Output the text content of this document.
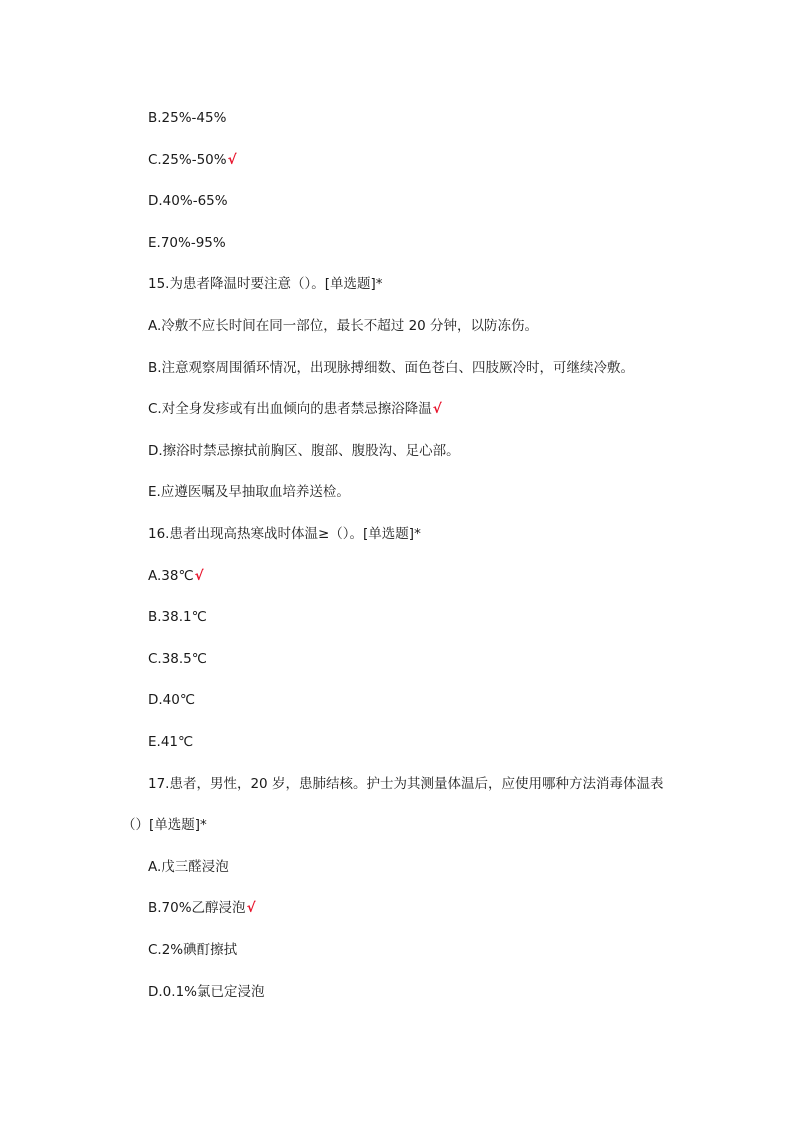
B.25%-45%
C.25%-50%√
D.40%-65%
E.70%-95%
15.为患者降温时要注意（）。[单选题]*
A.冷敷不应长时间在同一部位，最长不超过 20 分钟，以防冻伤。
B.注意观察周围循环情况，出现脉搏细数、面色苍白、四肢厥冷时，可继续冷敷。
C.对全身发疹或有出血倾向的患者禁忌擦浴降温√
D.擦浴时禁忌擦拭前胸区、腹部、腹股沟、足心部。
E.应遵医嘱及早抽取血培养送检。
16.患者出现高热寒战时体温≥（）。[单选题]*
A.38℃√
B.38.1℃
C.38.5℃
D.40℃
E.41℃
17.患者，男性，20 岁，患肺结核。护士为其测量体温后，应使用哪种方法消毒体温表
（）[单选题]*
A.戊三醛浸泡
B.70%乙醇浸泡√
C.2%碘酊擦拭
D.0.1%氯已定浸泡
